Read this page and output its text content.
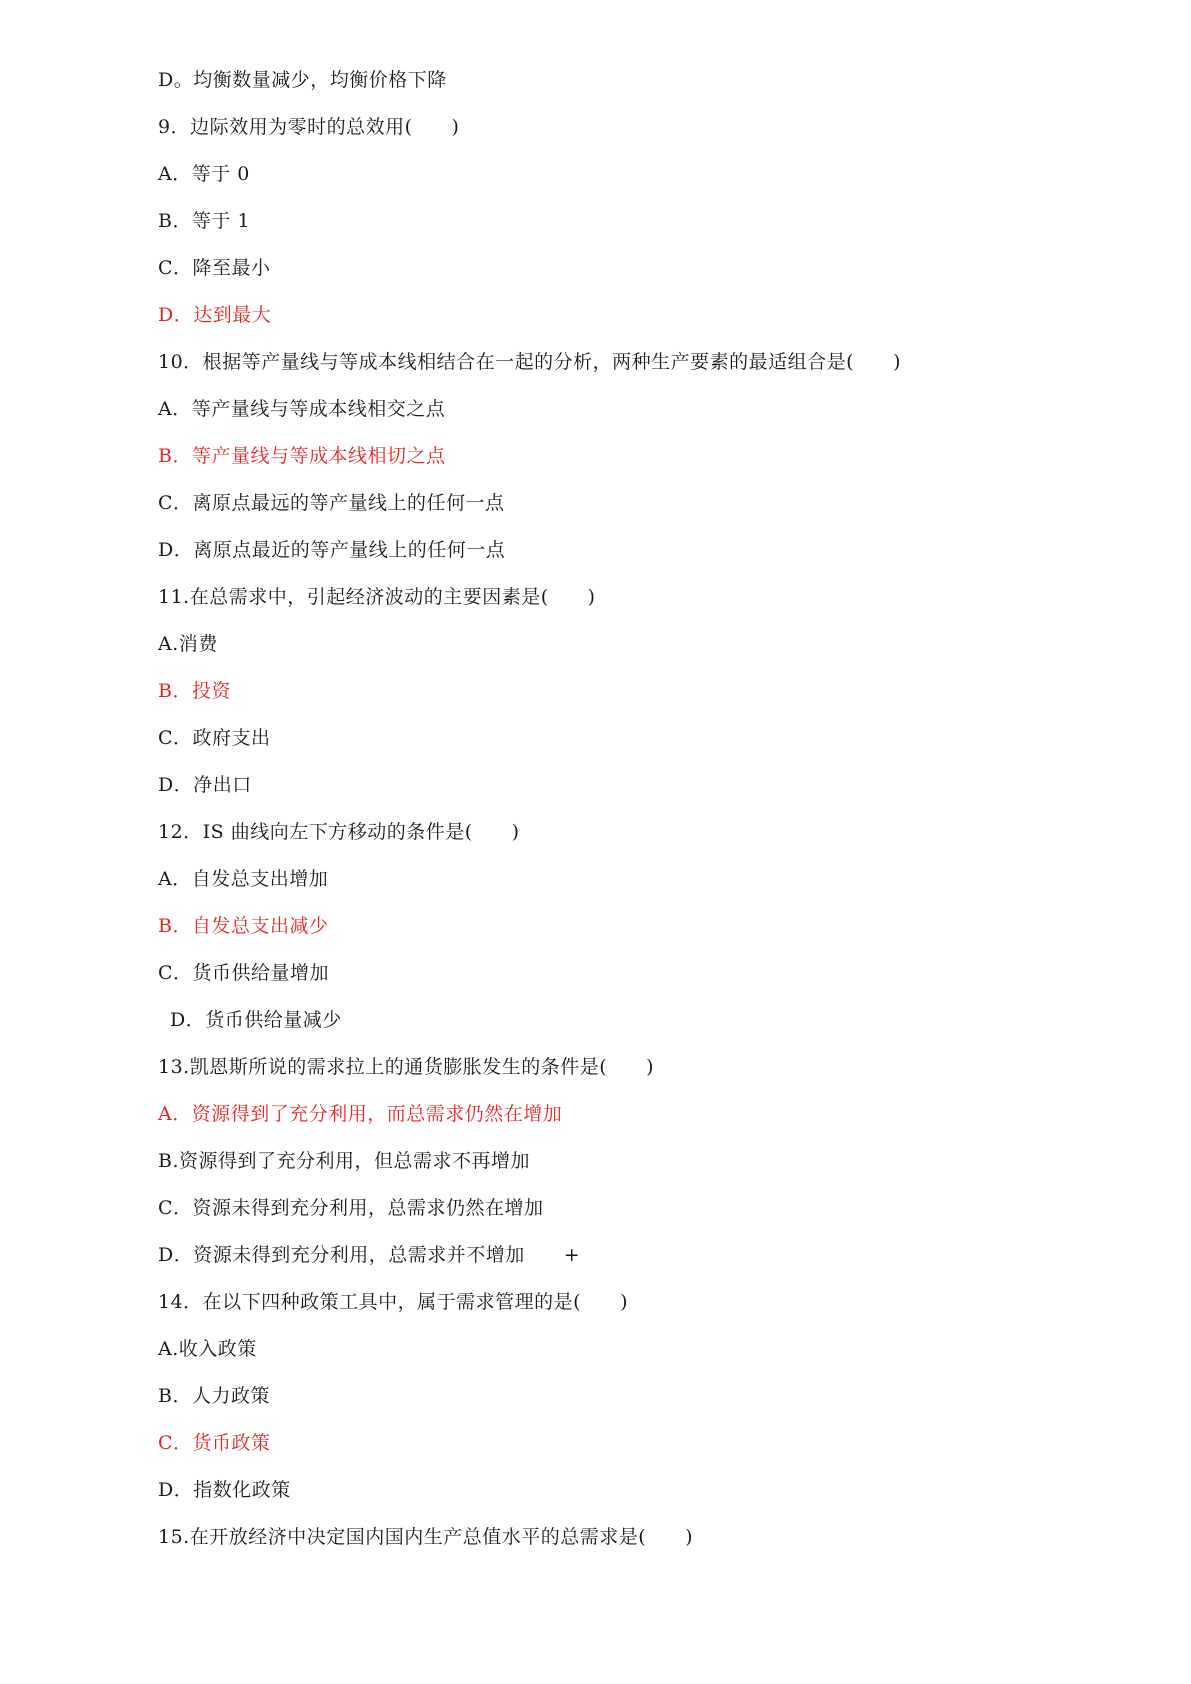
D。均衡数量减少，均衡价格下降
9．边际效用为零时的总效用(　　)
A．等于 0
B．等于 1
C．降至最小
D．达到最大
10．根据等产量线与等成本线相结合在一起的分析，两种生产要素的最适组合是(　　)
A．等产量线与等成本线相交之点
B．等产量线与等成本线相切之点
C．离原点最远的等产量线上的任何一点
D．离原点最近的等产量线上的任何一点
11.在总需求中，引起经济波动的主要因素是(　　)
A.消费
B．投资
C．政府支出
D．净出口
12．IS 曲线向左下方移动的条件是(　　)
A．自发总支出增加
B．自发总支出减少
C．货币供给量增加
D．货币供给量减少
13.凯恩斯所说的需求拉上的通货膨胀发生的条件是(　　)
A．资源得到了充分利用，而总需求仍然在增加
B.资源得到了充分利用，但总需求不再增加
C．资源未得到充分利用，总需求仍然在增加
D．资源未得到充分利用，总需求并不增加　　+
14．在以下四种政策工具中，属于需求管理的是(　　)
A.收入政策
B．人力政策
C．货币政策
D．指数化政策
15.在开放经济中决定国内国内生产总值水平的总需求是(　　)
